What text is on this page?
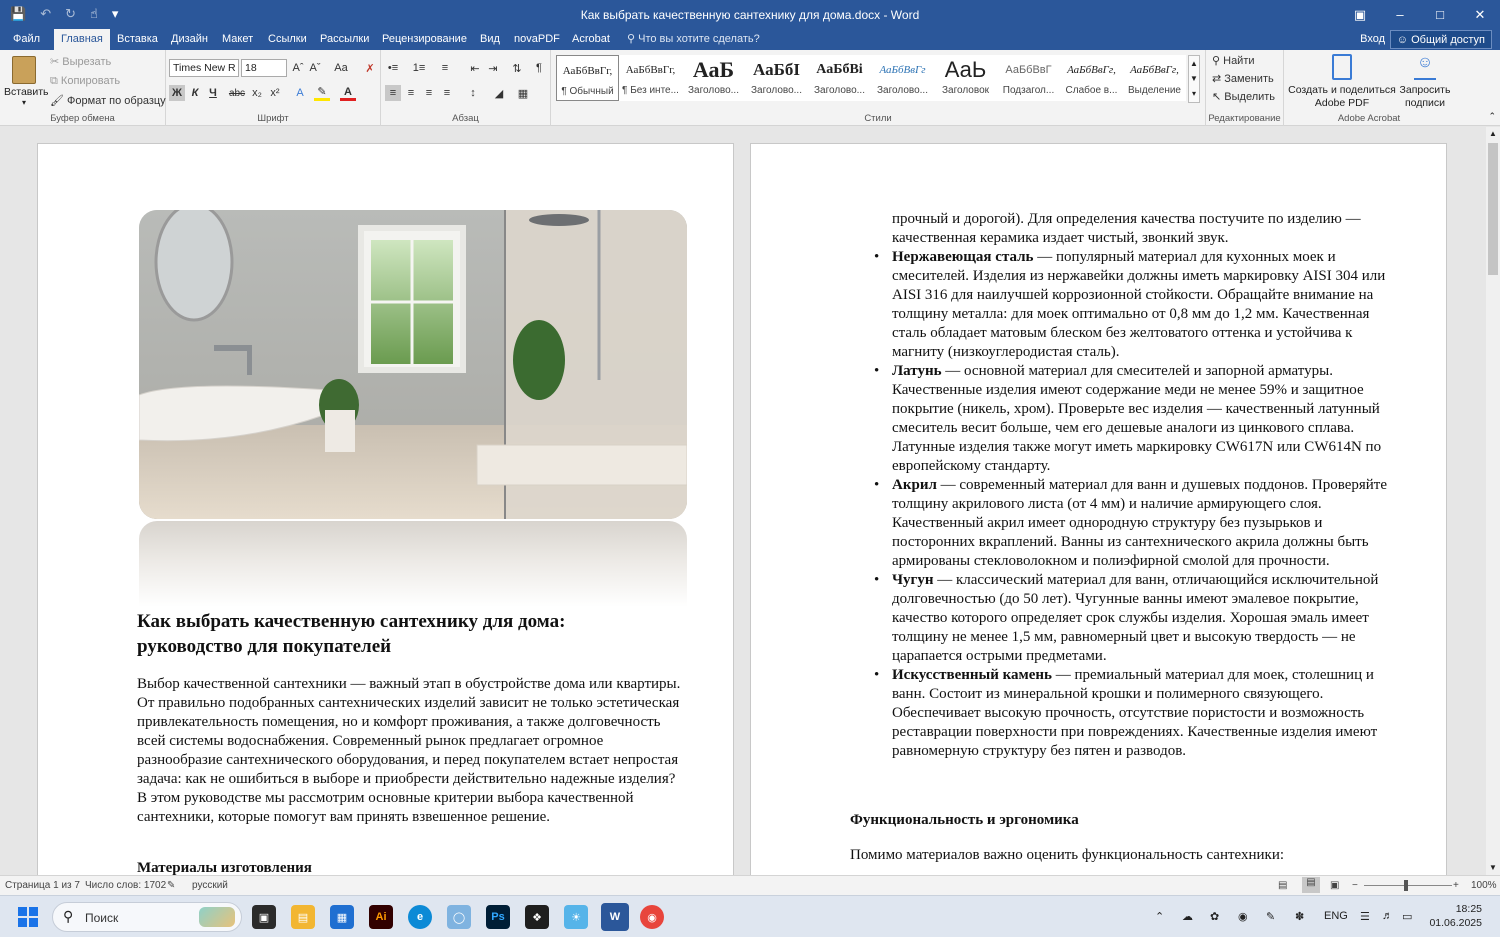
💾 ↶ ↻ ☝ ▾	Как выбрать качественную сантехнику для дома.docx - Word	▣	–	□	✕
Файл	Главная	Вставка	Дизайн	Макет	Ссылки	Рассылки	Рецензирование	Вид	novaPDF	Acrobat	⚲ Что вы хотите сделать?	Вход	☺ Общий доступ
Вставить
▾
✂ Вырезать
⧉ Копировать
🖌 Формат по образцу
Буфер обмена
Times New R 18	Aˆ Aˇ	Aa	✗
Ж К Ч	abc x₂ x²	A	✎	A
Шрифт
•≡ 1≡	≡	⇤ ⇥	⇅	¶
≡	≡	≡	≡	↕	◢	▦
Абзац
АаБбВвГг,
¶ Обычный
АаБбВвГг,
¶ Без инте...
АаБ
Заголово...
АаБбІ
Заголово...
АаБбВі
Заголово...
АаБбВвГг
Заголово...
АаЬ
Заголовок
АаБбВвГ
Подзагол...
АаБбВвГг,
Слабое в...
АаБбВвГг,
Выделение
▲
▼
▾
Стили
⚲ Найти
⇄ Заменить
↖ Выделить
Редактирование
Создать и поделиться Adobe PDF
☺
Запросить подписи
Adobe Acrobat	⌃
Как выбрать качественную сантехнику для дома: руководство для покупателей
Выбор качественной сантехники — важный этап в обустройстве дома или квартиры. От правильно подобранных сантехнических изделий зависит не только эстетическая привлекательность помещения, но и комфорт проживания, а также долговечность всей системы водоснабжения. Современный рынок предлагает огромное разнообразие сантехнического оборудования, и перед покупателем встает непростая задача: как не ошибиться в выборе и приобрести действительно надежные изделия? В этом руководстве мы рассмотрим основные критерии выбора качественной сантехники, которые помогут вам принять взвешенное решение.
Материалы изготовления
прочный и дорогой). Для определения качества постучите по изделию — качественная керамика издает чистый, звонкий звук.
• Нержавеющая сталь — популярный материал для кухонных моек и смесителей. Изделия из нержавейки должны иметь маркировку AISI 304 или AISI 316 для наилучшей коррозионной стойкости. Обращайте внимание на толщину металла: для моек оптимально от 0,8 мм до 1,2 мм. Качественная сталь обладает матовым блеском без желтоватого оттенка и устойчива к магниту (низкоуглеродистая сталь).
• Латунь — основной материал для смесителей и запорной арматуры. Качественные изделия имеют содержание меди не менее 59% и защитное покрытие (никель, хром). Проверьте вес изделия — качественный латунный смеситель весит больше, чем его дешевые аналоги из цинкового сплава. Латунные изделия также могут иметь маркировку CW617N или CW614N по европейскому стандарту.
• Акрил — современный материал для ванн и душевых поддонов. Проверяйте толщину акрилового листа (от 4 мм) и наличие армирующего слоя. Качественный акрил имеет однородную структуру без пузырьков и посторонних вкраплений. Ванны из сантехнического акрила должны быть армированы стекловолокном и полиэфирной смолой для прочности.
• Чугун — классический материал для ванн, отличающийся исключительной долговечностью (до 50 лет). Чугунные ванны имеют эмалевое покрытие, качество которого определяет срок службы изделия. Хорошая эмаль имеет толщину не менее 1,5 мм, равномерный цвет и высокую твердость — не царапается острыми предметами.
• Искусственный камень — премиальный материал для моек, столешниц и ванн. Состоит из минеральной крошки и полимерного связующего. Обеспечивает высокую прочность, отсутствие пористости и возможность реставрации поверхности при повреждениях. Качественные изделия имеют равномерную структуру без пятен и разводов.
Функциональность и эргономика
Помимо материалов важно оценить функциональность сантехники:
▲
▼
Страница 1 из 7 Число слов: 1702 ✎ русский	▤	▤	▣ −	+ 100%
⚲ Поиск	▣	▤	▦	Ai	e	◯	Ps	❖	☀	W	◉	⌃ ☁ ✿ ◉ ✎ ✽ ENG ☰ ♬ ▭
18:25
01.06.2025
